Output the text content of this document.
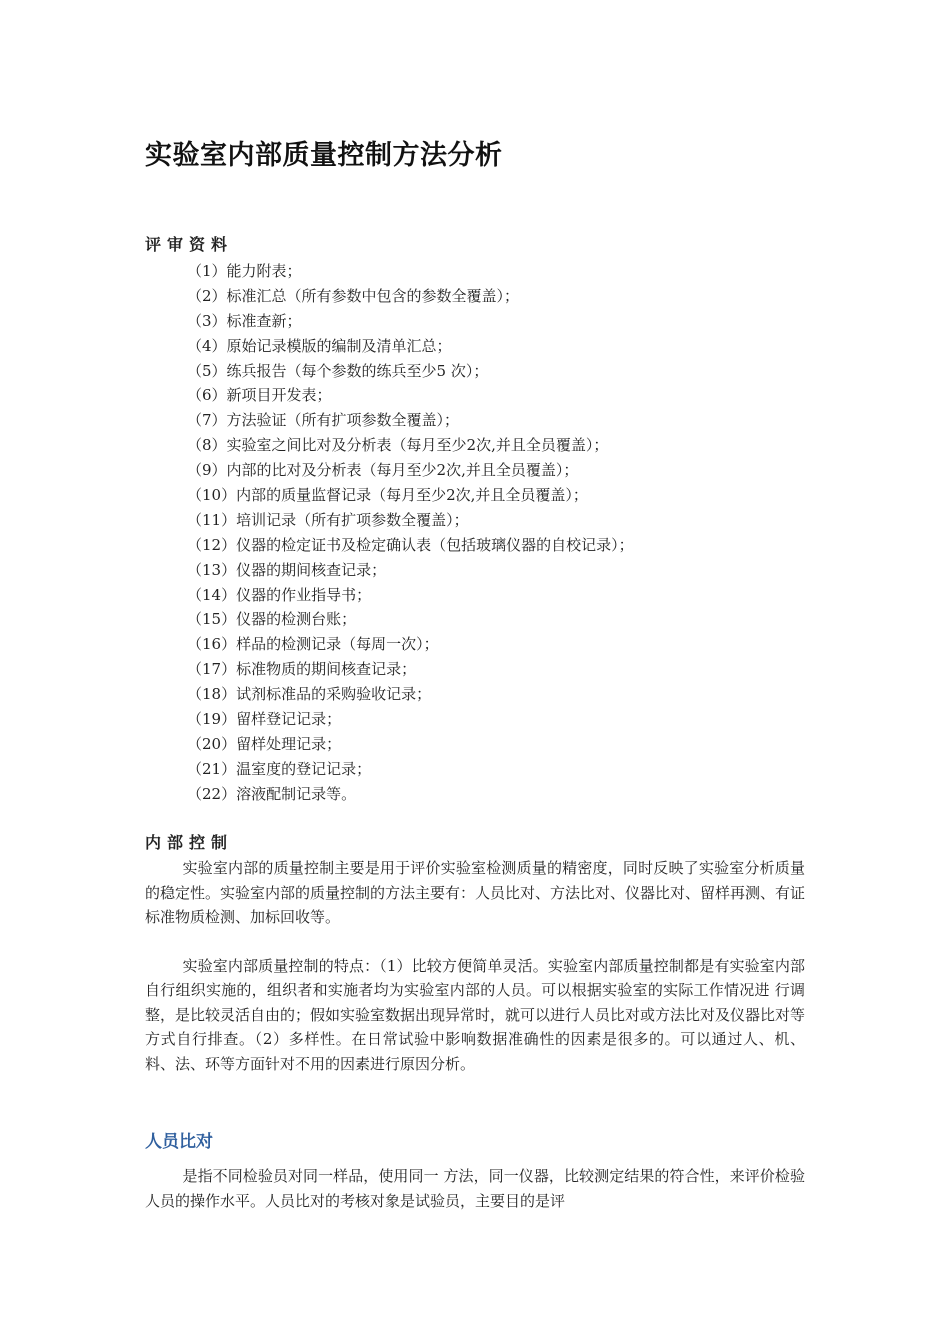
实验室内部质量控制方法分析
评审资料
（1）能力附表；
（2）标准汇总（所有参数中包含的参数全覆盖）；
（3）标准查新；
（4）原始记录模版的编制及清单汇总；
（5）练兵报告（每个参数的练兵至少5 次）；
（6）新项目开发表；
（7）方法验证（所有扩项参数全覆盖）；
（8）实验室之间比对及分析表（每月至少2次,并且全员覆盖）；
（9）内部的比对及分析表（每月至少2次,并且全员覆盖）；
（10）内部的质量监督记录（每月至少2次,并且全员覆盖）；
（11）培训记录（所有扩项参数全覆盖）；
（12）仪器的检定证书及检定确认表（包括玻璃仪器的自校记录）；
（13）仪器的期间核查记录；
（14）仪器的作业指导书；
（15）仪器的检测台账；
（16）样品的检测记录（每周一次）；
（17）标准物质的期间核查记录；
（18）试剂标准品的采购验收记录；
（19）留样登记记录；
（20）留样处理记录；
（21）温室度的登记记录；
（22）溶液配制记录等。
内部控制

实验室内部的质量控制主要是用于评价实验室检测质量的精密度，同时反映了实验室分析质量的稳定性。实验室内部的质量控制的方法主要有：人员比对、方法比对、仪器比对、留样再测、有证标准物质检测、加标回收等。

实验室内部质量控制的特点：（1）比较方便简单灵活。实验室内部质量控制都是有实验室内部自行组织实施的，组织者和实施者均为实验室内部的人员。可以根据实验室的实际工作情况进 行调整，是比较灵活自由的；假如实验室数据出现异常时，就可以进行人员比对或方法比对及仪器比对等方式自行排查。（2）多样性。在日常试验中影响数据准确性的因素是很多的。可以通过人、机、料、法、环等方面针对不用的因素进行原因分析。

人员比对

是指不同检验员对同一样品，使用同一 方法，同一仪器，比较测定结果的符合性，来评价检验人员的操作水平。人员比对的考核对象是试验员，主要目的是评
